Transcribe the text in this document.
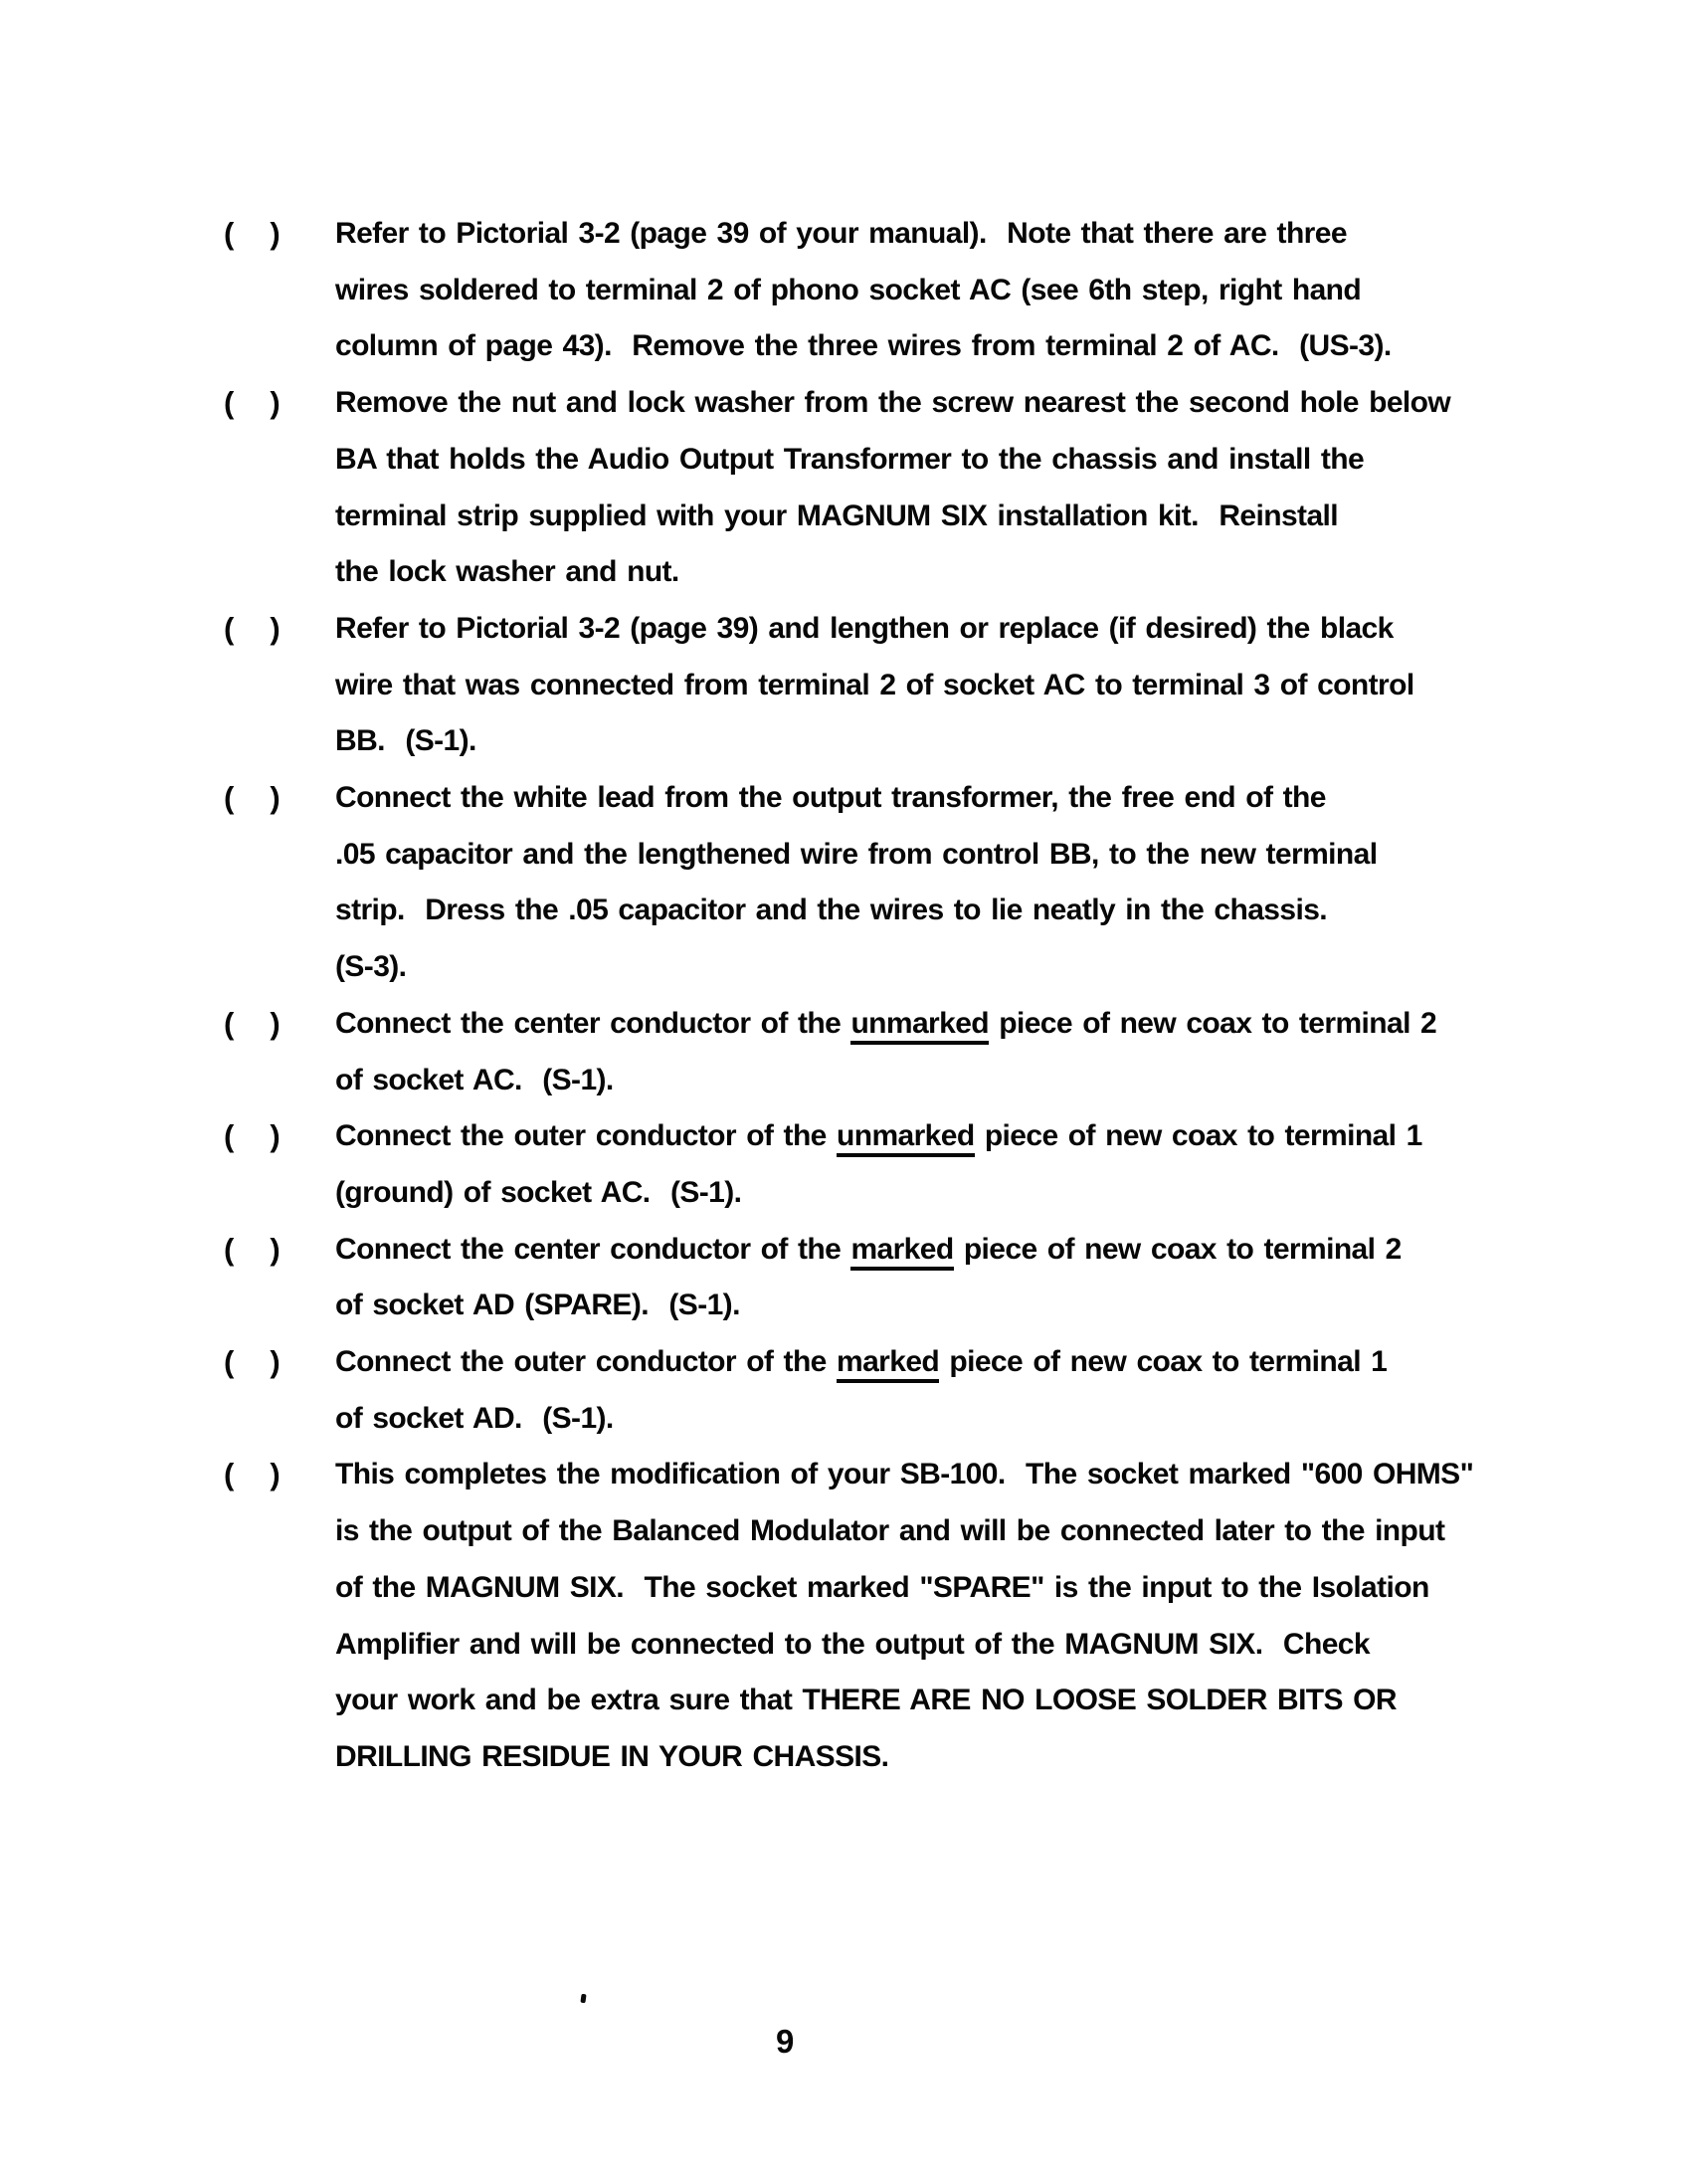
( ) Refer to Pictorial 3-2 (page 39 of your manual).  Note that there are three
wires soldered to terminal 2 of phono socket AC (see 6th step, right hand
column of page 43).  Remove the three wires from terminal 2 of AC.  (US-3).
( ) Remove the nut and lock washer from the screw nearest the second hole below
BA that holds the Audio Output Transformer to the chassis and install the
terminal strip supplied with your MAGNUM SIX installation kit.  Reinstall
the lock washer and nut.
( ) Refer to Pictorial 3-2 (page 39) and lengthen or replace (if desired) the black
wire that was connected from terminal 2 of socket AC to terminal 3 of control
BB.  (S-1).
( ) Connect the white lead from the output transformer, the free end of the
.05 capacitor and the lengthened wire from control BB, to the new terminal
strip.  Dress the .05 capacitor and the wires to lie neatly in the chassis.
(S-3).
( ) Connect the center conductor of the unmarked piece of new coax to terminal 2
of socket AC.  (S-1).
( ) Connect the outer conductor of the unmarked piece of new coax to terminal 1
(ground) of socket AC.  (S-1).
( ) Connect the center conductor of the marked piece of new coax to terminal 2
of socket AD (SPARE).  (S-1).
( ) Connect the outer conductor of the marked piece of new coax to terminal 1
of socket AD.  (S-1).
( ) This completes the modification of your SB-100.  The socket marked "600 OHMS"
is the output of the Balanced Modulator and will be connected later to the input
of the MAGNUM SIX.  The socket marked "SPARE" is the input to the Isolation
Amplifier and will be connected to the output of the MAGNUM SIX.  Check
your work and be extra sure that THERE ARE NO LOOSE SOLDER BITS OR
DRILLING RESIDUE IN YOUR CHASSIS.
9
